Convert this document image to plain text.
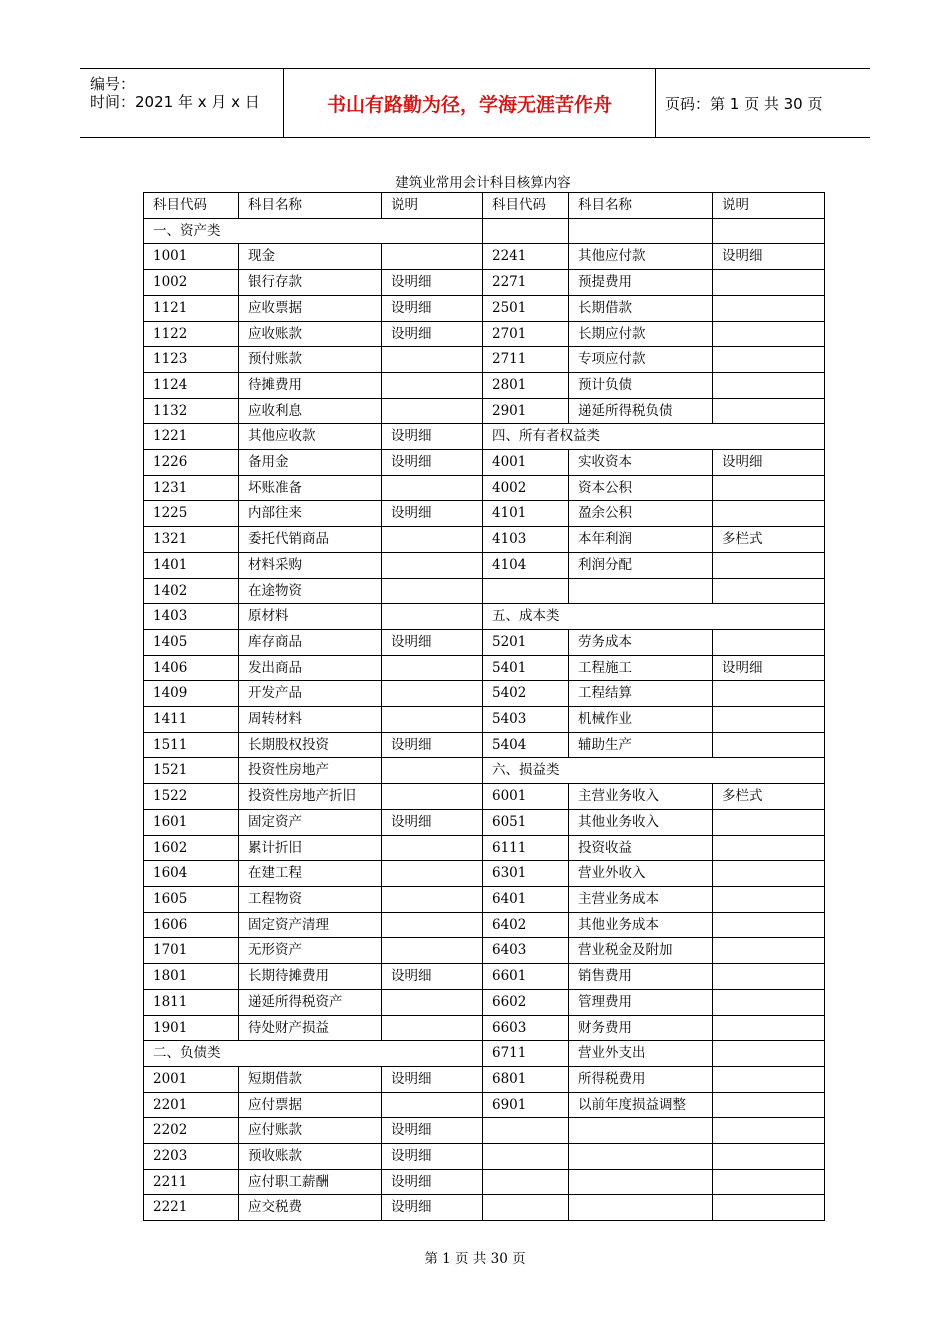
编号：
时间：2021 年 x 月 x 日	书山有路勤为径，学海无涯苦作舟	页码：第 1 页 共 30 页
建筑业常用会计科目核算内容
科目代码	科目名称	说明	科目代码	科目名称	说明
一、资产类					
1001	现金		2241	其他应付款	设明细
1002	银行存款	设明细	2271	预提费用	
1121	应收票据	设明细	2501	长期借款	
1122	应收账款	设明细	2701	长期应付款	
1123	预付账款		2711	专项应付款	
1124	待摊费用		2801	预计负债	
1132	应收利息		2901	递延所得税负债	
1221	其他应收款	设明细	四、所有者权益类		
1226	备用金	设明细	4001	实收资本	设明细
1231	坏账准备		4002	资本公积	
1225	内部往来	设明细	4101	盈余公积	
1321	委托代销商品		4103	本年利润	多栏式
1401	材料采购		4104	利润分配	
1402	在途物资				
1403	原材料		五、成本类		
1405	库存商品	设明细	5201	劳务成本	
1406	发出商品		5401	工程施工	设明细
1409	开发产品		5402	工程结算	
1411	周转材料		5403	机械作业	
1511	长期股权投资	设明细	5404	辅助生产	
1521	投资性房地产		六、损益类		
1522	投资性房地产折旧		6001	主营业务收入	多栏式
1601	固定资产	设明细	6051	其他业务收入	
1602	累计折旧		6111	投资收益	
1604	在建工程		6301	营业外收入	
1605	工程物资		6401	主营业务成本	
1606	固定资产清理		6402	其他业务成本	
1701	无形资产		6403	营业税金及附加	
1801	长期待摊费用	设明细	6601	销售费用	
1811	递延所得税资产		6602	管理费用	
1901	待处财产损益		6603	财务费用	
二、负债类			6711	营业外支出	
2001	短期借款	设明细	6801	所得税费用	
2201	应付票据		6901	以前年度损益调整	
2202	应付账款	设明细			
2203	预收账款	设明细			
2211	应付职工薪酬	设明细			
2221	应交税费	设明细			
第 1 页 共 30 页
